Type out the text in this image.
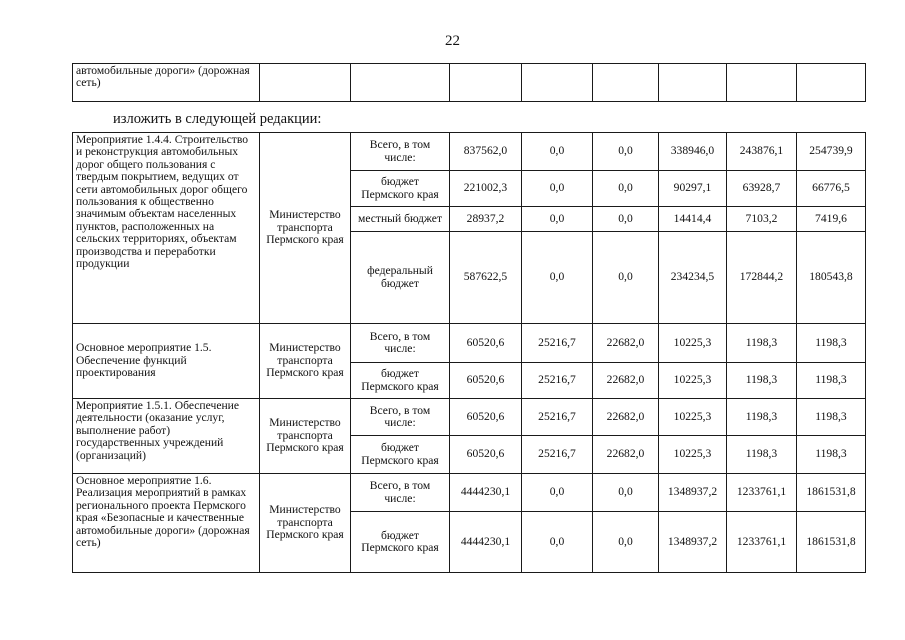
22
автомобильные дороги» (дорожная сеть)								
изложить в следующей редакции:
Мероприятие 1.4.4. Строительство и реконструкция автомобильных дорог общего пользования с твердым покрытием, ведущих от сети автомобильных дорог общего пользования к общественно значимым объектам населенных пунктов, расположенных на сельских территориях, объектам производства и переработки продукции	Министерство транспорта Пермского края	Всего, в том числе:	837562,0	0,0	0,0	338946,0	243876,1	254739,9
		бюджет Пермского края	221002,3	0,0	0,0	90297,1	63928,7	66776,5
		местный бюджет	28937,2	0,0	0,0	14414,4	7103,2	7419,6
		федеральный бюджет	587622,5	0,0	0,0	234234,5	172844,2	180543,8
Основное мероприятие 1.5. Обеспечение функций проектирования	Министерство транспорта Пермского края	Всего, в том числе:	60520,6	25216,7	22682,0	10225,3	1198,3	1198,3
		бюджет Пермского края	60520,6	25216,7	22682,0	10225,3	1198,3	1198,3
Мероприятие 1.5.1. Обеспечение деятельности (оказание услуг, выполнение работ) государственных учреждений (организаций)	Министерство транспорта Пермского края	Всего, в том числе:	60520,6	25216,7	22682,0	10225,3	1198,3	1198,3
		бюджет Пермского края	60520,6	25216,7	22682,0	10225,3	1198,3	1198,3
Основное мероприятие 1.6. Реализация мероприятий в рамках регионального проекта Пермского края «Безопасные и качественные автомобильные дороги» (дорожная сеть)	Министерство транспорта Пермского края	Всего, в том числе:	4444230,1	0,0	0,0	1348937,2	1233761,1	1861531,8
		бюджет Пермского края	4444230,1	0,0	0,0	1348937,2	1233761,1	1861531,8
